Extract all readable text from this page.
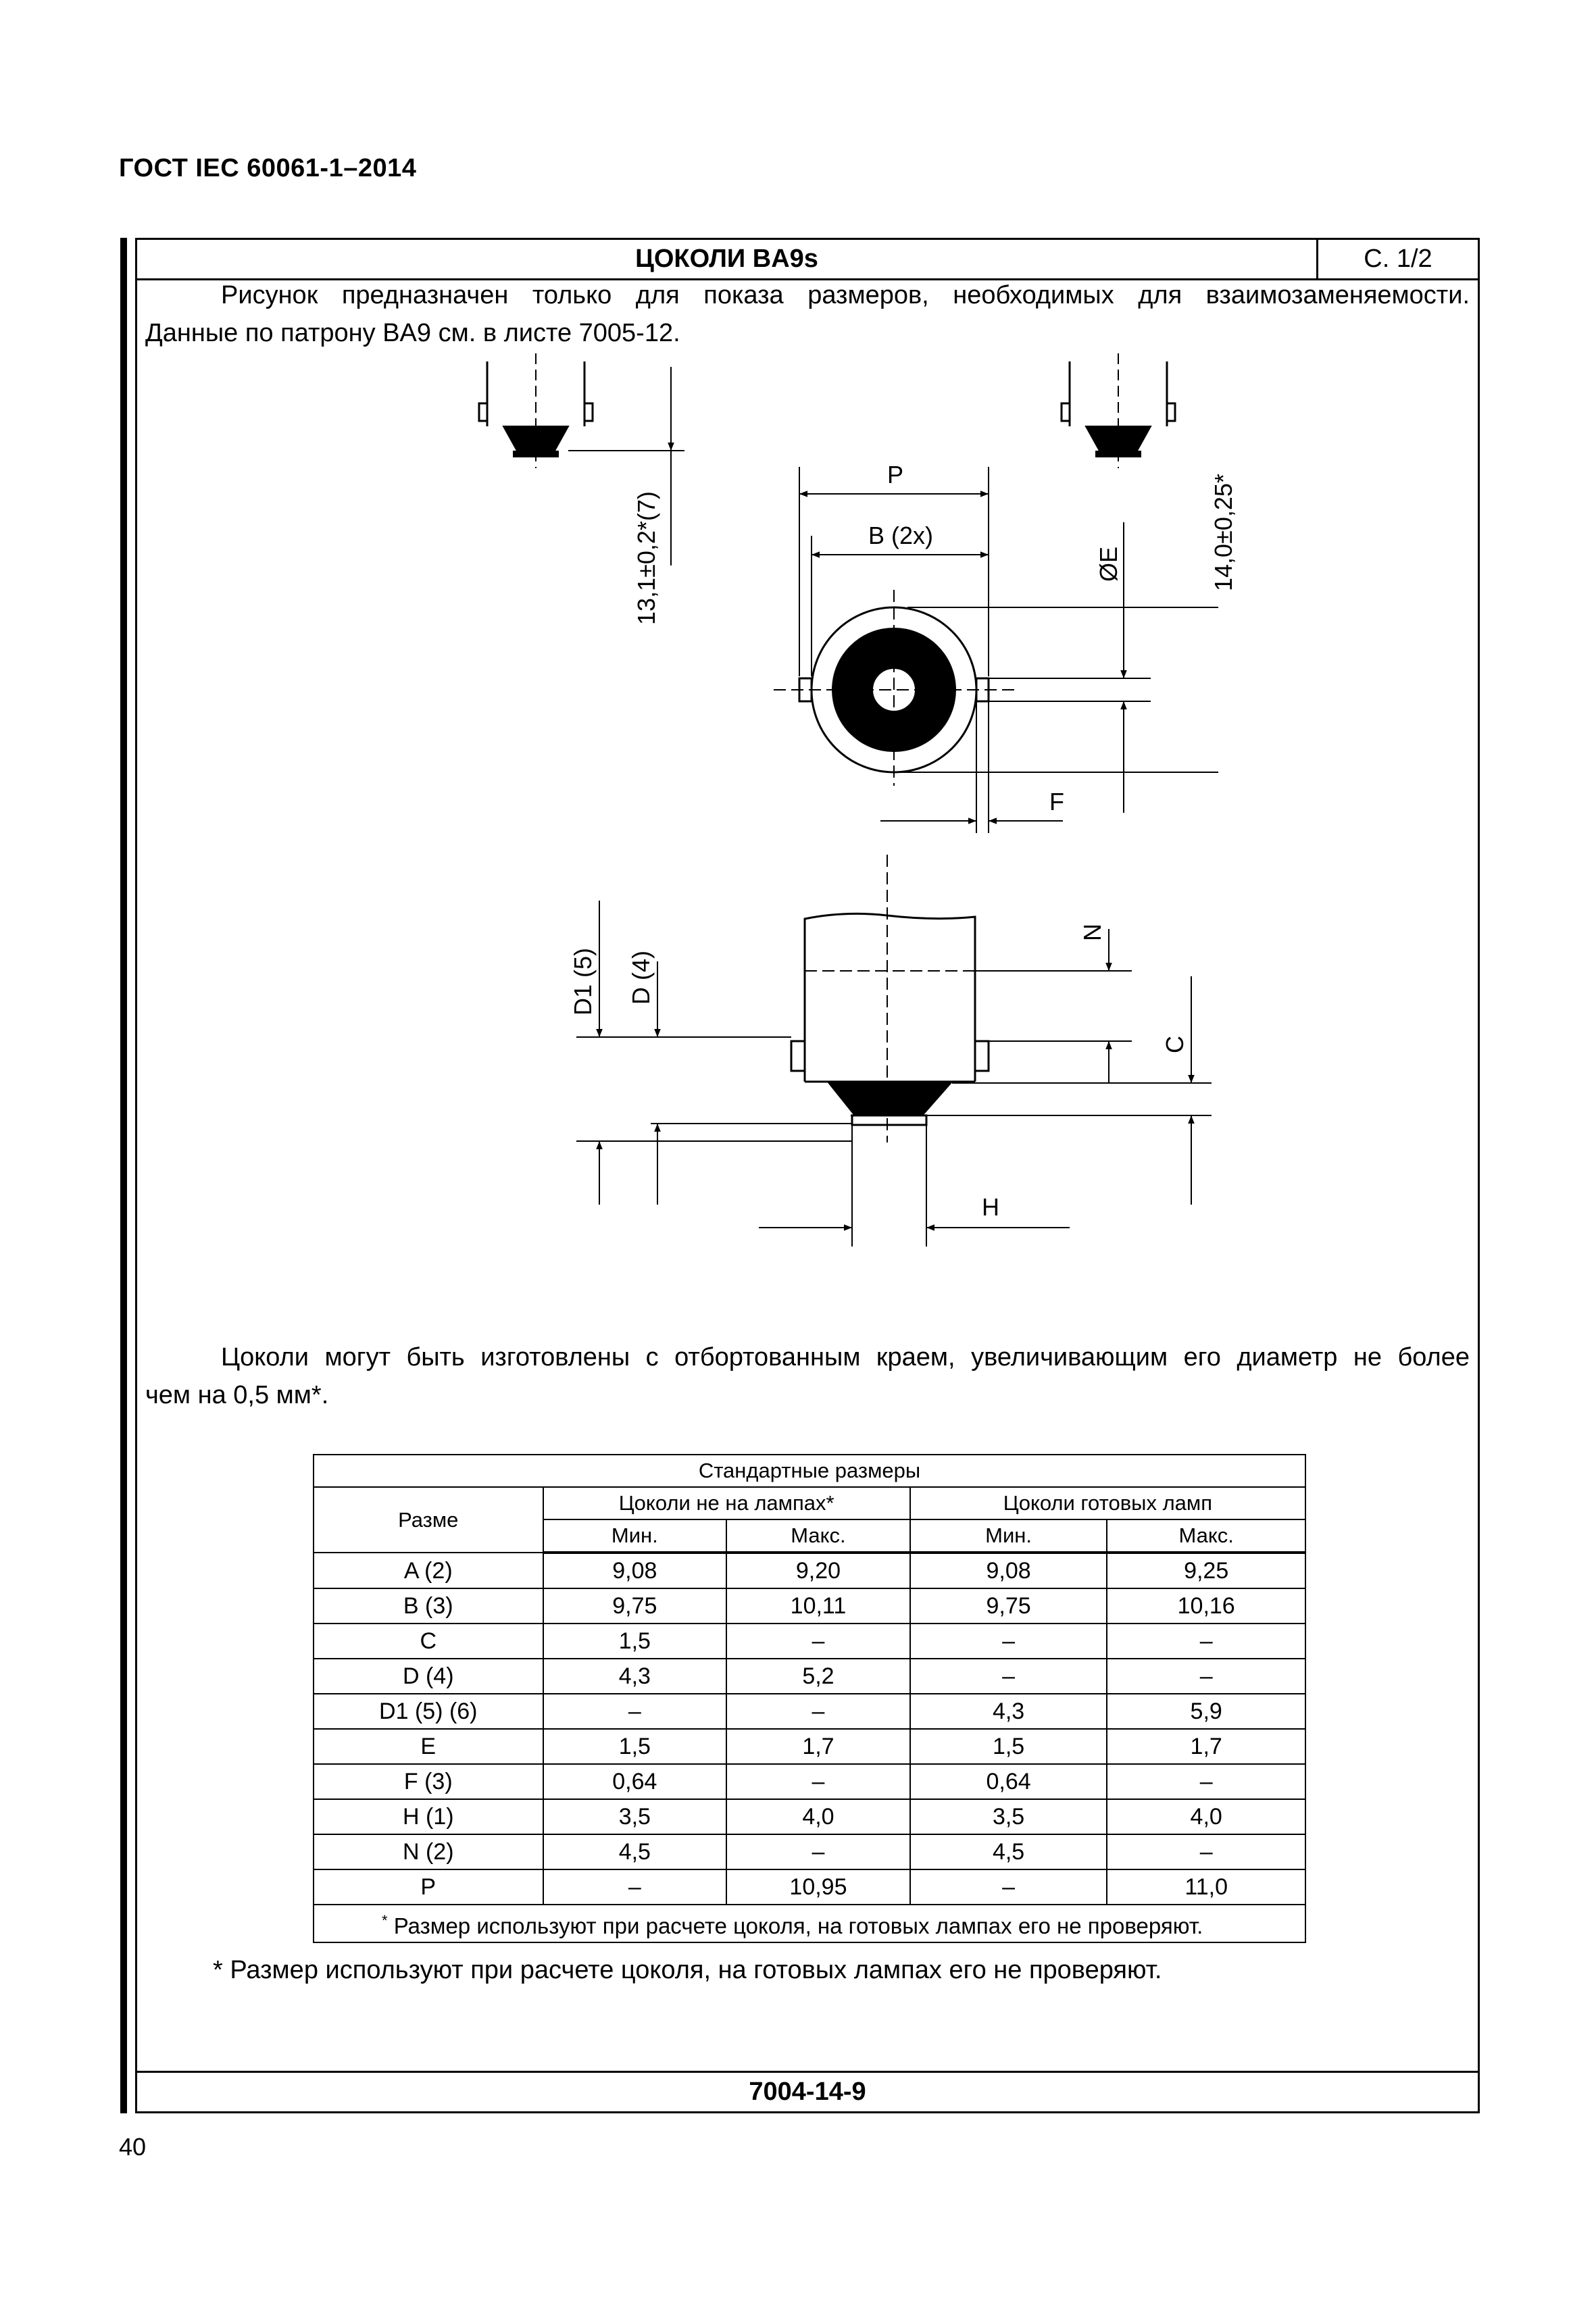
ГОСТ IEC 60061-1–2014
ЦОКОЛИ BA9s	С. 1/2
Рисунок предназначен только для показа размеров, необходимых для взаимозаменяемости.
Данные по патрону BA9 см. в листе 7005-12.
13,1±0,2*(7)
P
B (2x)
ØE	14,0±0,25*
F
N
D1 (5) D (4)
C
H
Цоколи могут быть изготовлены с отбортованным краем, увеличивающим его диаметр не более
чем на 0,5 мм*.
Стандартные размеры				
Разме	Цоколи не на лампах*		Цоколи готовых ламп	
	Мин.	Макс.	Мин.	Макс.
A (2)	9,08	9,20	9,08	9,25
B (3)	9,75	10,11	9,75	10,16
C	1,5	–	–	–
D (4)	4,3	5,2	–	–
D1 (5) (6)	–	–	4,3	5,9
E	1,5	1,7	1,5	1,7
F (3)	0,64	–	0,64	–
H (1)	3,5	4,0	3,5	4,0
N (2)	4,5	–	4,5	–
P	–	10,95	–	11,0
* Размер используют при расчете цоколя, на готовых лампах его не проверяют.				
* Размер используют при расчете цоколя, на готовых лампах его не проверяют.
7004-14-9
40
